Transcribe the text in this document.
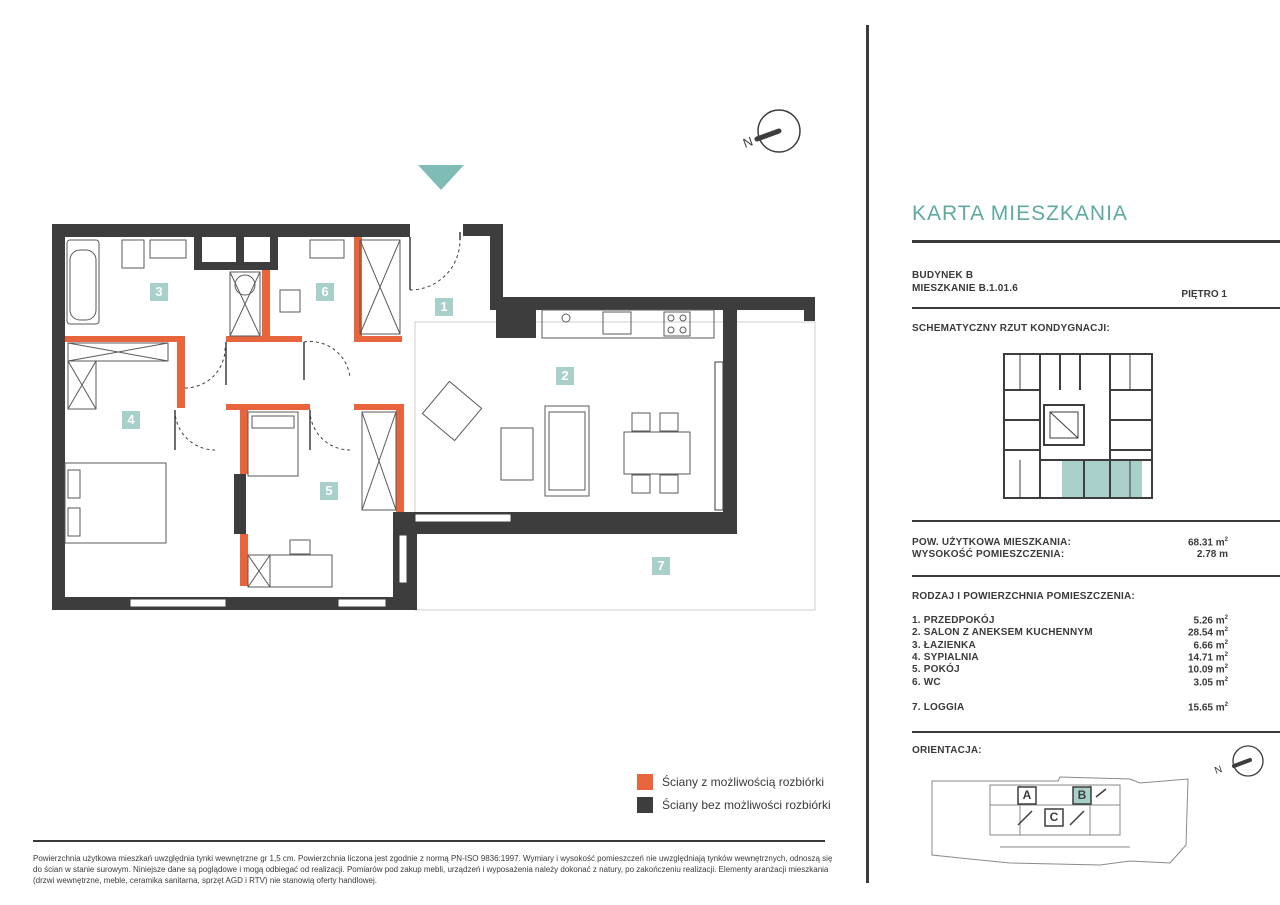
N
1
2
3
4
5
6
7
Ściany z możliwością rozbiórki
Ściany bez możliwości rozbiórki
Powierzchnia użytkowa mieszkań uwzględnia tynki wewnętrzne gr 1,5 cm. Powierzchnia liczona jest zgodnie z normą PN-ISO 9836:1997. Wymiary i wysokość pomieszczeń nie uwzględniają tynków wewnętrznych, odnoszą się do ścian w stanie surowym. Niniejsze dane są poglądowe i mogą odbiegać od realizacji. Pomiarów pod zakup mebli, urządzeń i wyposażenia należy dokonać z natury, po zakończeniu realizacji. Elementy aranżacji mieszkania (drzwi wewnętrzne, meble, ceramika sanitarna, sprzęt AGD i RTV) nie stanowią oferty handlowej.
KARTA MIESZKANIA
BUDYNEK B
MIESZKANIE B.1.01.6
PIĘTRO 1
SCHEMATYCZNY RZUT KONDYGNACJI:
POW. UŻYTKOWA MIESZKANIA:	68.31 $m^2$
WYSOKOŚĆ POMIESZCZENIA:	2.78 m
RODZAJ I POWIERZCHNIA POMIESZCZENIA:
1. PRZEDPOKÓJ	5.26 $m^2$
2. SALON Z ANEKSEM KUCHENNYM	28.54 $m^2$
3. ŁAZIENKA	6.66 $m^2$
4. SYPIALNIA	14.71 $m^2$
5. POKÓJ	10.09 $m^2$
6. WC	3.05 $m^2$
7. LOGGIA	15.65 $m^2$
ORIENTACJA:
N
A	B
C
